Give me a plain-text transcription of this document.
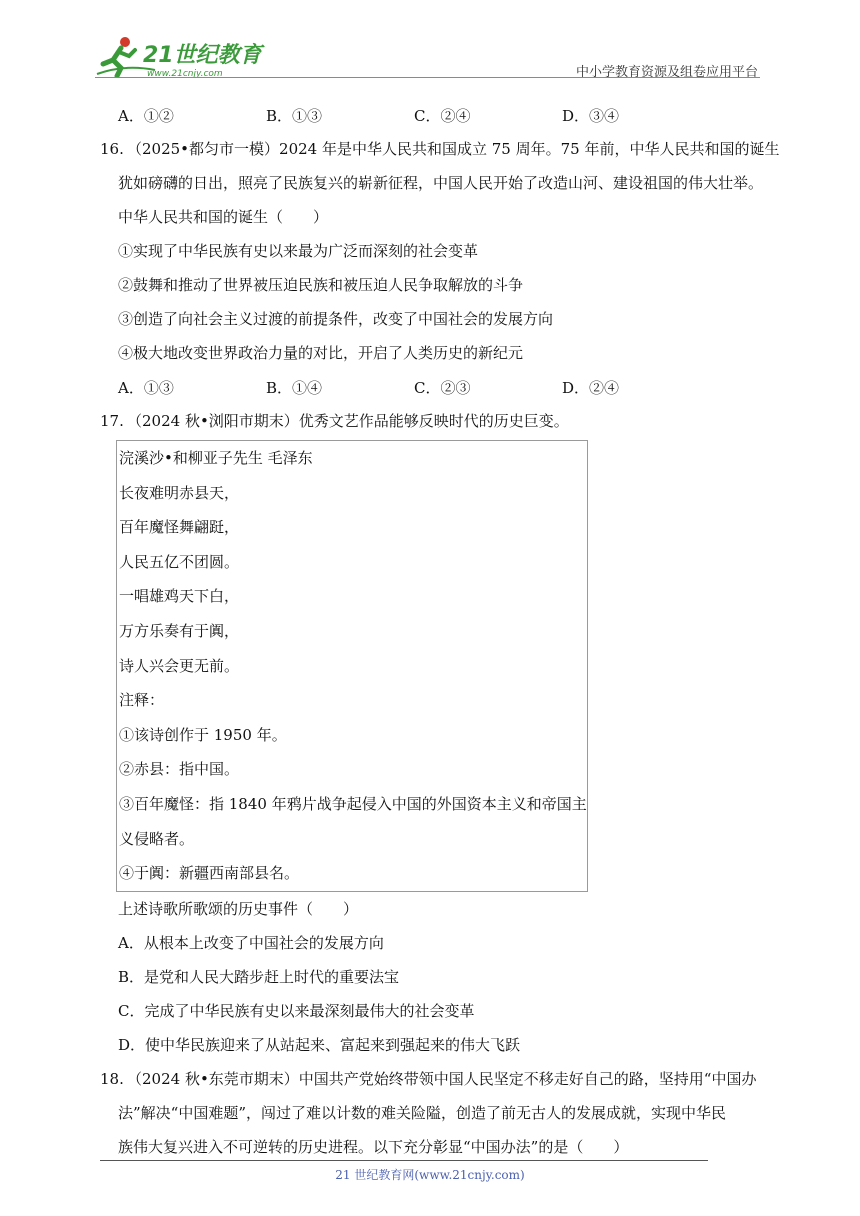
21世纪教育
www.21cnjy.com	中小学教育资源及组卷应用平台
A．①②	B．①③	C．②④	D．③④
16. （2025•都匀市一模）2024 年是中华人民共和国成立 75 周年。75 年前，中华人民共和国的诞生
犹如磅礴的日出，照亮了民族复兴的崭新征程，中国人民开始了改造山河、建设祖国的伟大壮举。
中华人民共和国的诞生（　　）
①实现了中华民族有史以来最为广泛而深刻的社会变革
②鼓舞和推动了世界被压迫民族和被压迫人民争取解放的斗争
③创造了向社会主义过渡的前提条件，改变了中国社会的发展方向
④极大地改变世界政治力量的对比，开启了人类历史的新纪元
A．①③	B．①④	C．②③	D．②④
17. （2024 秋•浏阳市期末）优秀文艺作品能够反映时代的历史巨变。
浣溪沙•和柳亚子先生 毛泽东
长夜难明赤县天，
百年魔怪舞翩跹，
人民五亿不团圆。
一唱雄鸡天下白，
万方乐奏有于阗，
诗人兴会更无前。
注释：
①该诗创作于 1950 年。
②赤县：指中国。
③百年魔怪：指 1840 年鸦片战争起侵入中国的外国资本主义和帝国主
义侵略者。
④于阗：新疆西南部县名。
上述诗歌所歌颂的历史事件（　　）
A．从根本上改变了中国社会的发展方向
B．是党和人民大踏步赶上时代的重要法宝
C．完成了中华民族有史以来最深刻最伟大的社会变革
D．使中华民族迎来了从站起来、富起来到强起来的伟大飞跃
18. （2024 秋•东莞市期末）中国共产党始终带领中国人民坚定不移走好自己的路，坚持用“中国办
法”解决“中国难题”，闯过了难以计数的难关险隘，创造了前无古人的发展成就，实现中华民
族伟大复兴进入不可逆转的历史进程。以下充分彰显“中国办法”的是（　　）
21 世纪教育网(www.21cnjy.com)
